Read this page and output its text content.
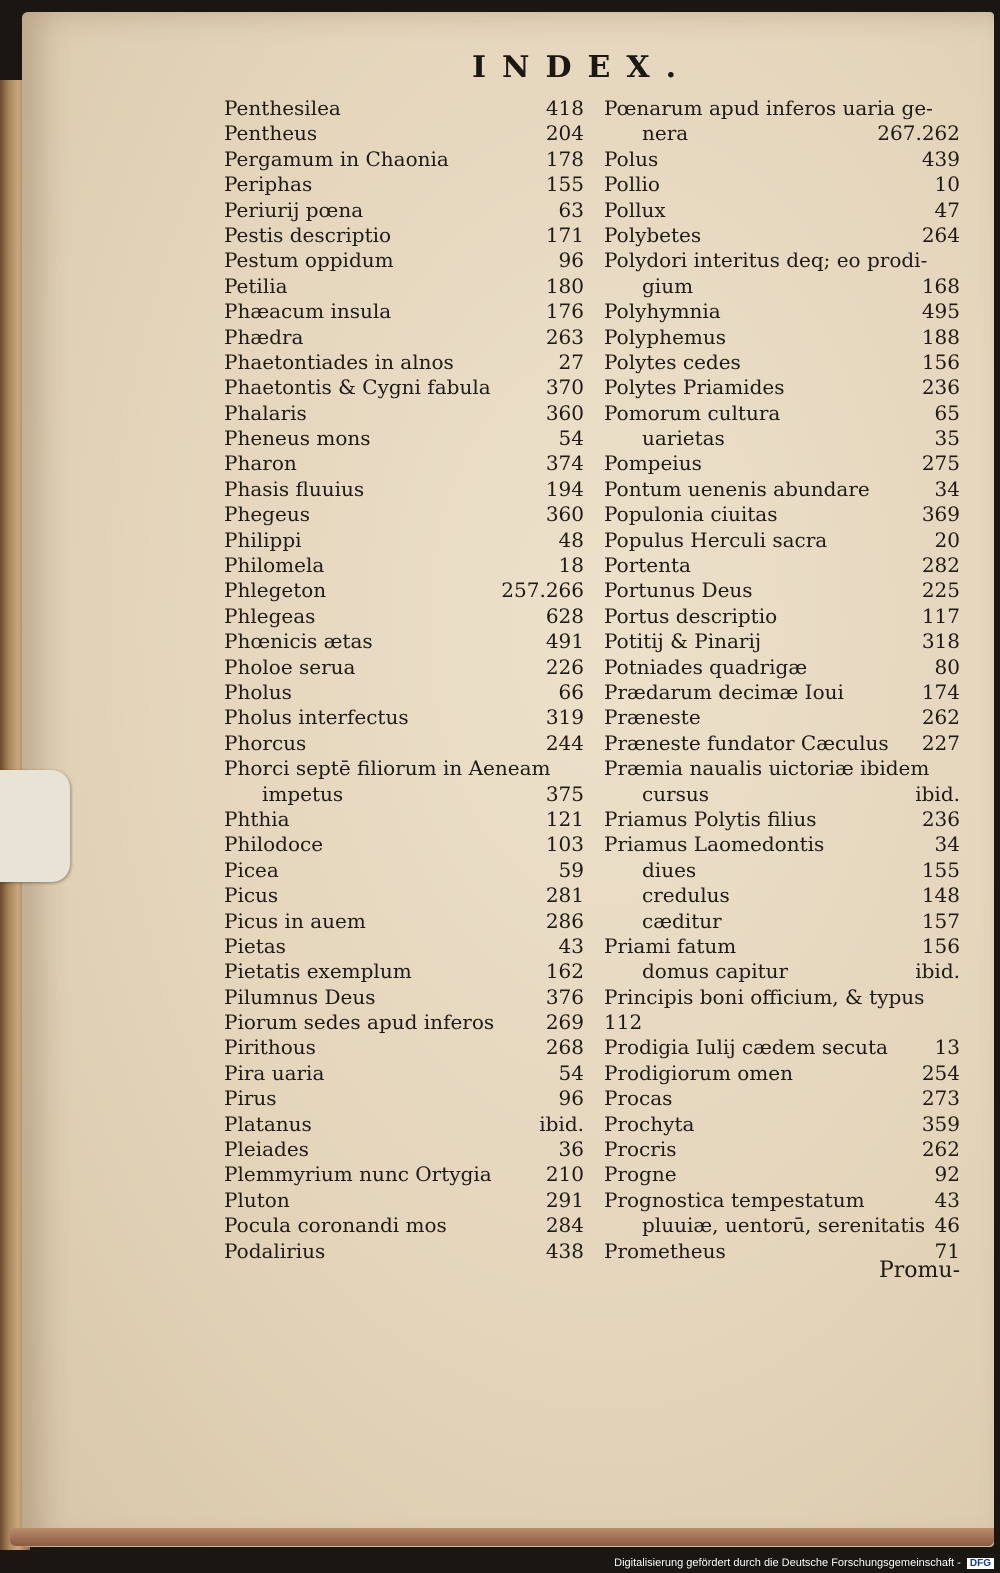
INDEX.
Penthesilea	418
Pentheus	204
Pergamum in Chaonia	178
Periphas	155
Periurij pœna	63
Pestis descriptio	171
Pestum oppidum	96
Petilia	180
Phæacum insula	176
Phædra	263
Phaetontiades in alnos	27
Phaetontis & Cygni fabula	370
Phalaris	360
Pheneus mons	54
Pharon	374
Phasis fluuius	194
Phegeus	360
Philippi	48
Philomela	18
Phlegeton	257.266
Phlegeas	628
Phœnicis ætas	491
Pholoe serua	226
Pholus	66
Pholus interfectus	319
Phorcus	244
Phorci septē filiorum in Aeneam
impetus	375
Phthia	121
Philodoce	103
Picea	59
Picus	281
Picus in auem	286
Pietas	43
Pietatis exemplum	162
Pilumnus Deus	376
Piorum sedes apud inferos	269
Pirithous	268
Pira uaria	54
Pirus	96
Platanus	ibid.
Pleiades	36
Plemmyrium nunc Ortygia	210
Pluton	291
Pocula coronandi mos	284
Podalirius	438
Pœnarum apud inferos uaria ge-
nera	267.262
Polus	439
Pollio	10
Pollux	47
Polybetes	264
Polydori interitus deq; eo prodi-
gium	168
Polyhymnia	495
Polyphemus	188
Polytes cedes	156
Polytes Priamides	236
Pomorum cultura	65
uarietas	35
Pompeius	275
Pontum uenenis abundare	34
Populonia ciuitas	369
Populus Herculi sacra	20
Portenta	282
Portunus Deus	225
Portus descriptio	117
Potitij & Pinarij	318
Potniades quadrigæ	80
Prædarum decimæ Ioui	174
Præneste	262
Præneste fundator Cæculus	227
Præmia naualis uictoriæ ibidem
cursus	ibid.
Priamus Polytis filius	236
Priamus Laomedontis	34
diues	155
credulus	148
cæditur	157
Priami fatum	156
domus capitur	ibid.
Principis boni officium, & typus
112
Prodigia Iulij cædem secuta	13
Prodigiorum omen	254
Procas	273
Prochyta	359
Procris	262
Progne	92
Prognostica tempestatum	43
pluuiæ, uentorū, serenitatis 46
Prometheus	71
Promu-
Digitalisierung gefördert durch die Deutsche Forschungsgemeinschaft - DFG
